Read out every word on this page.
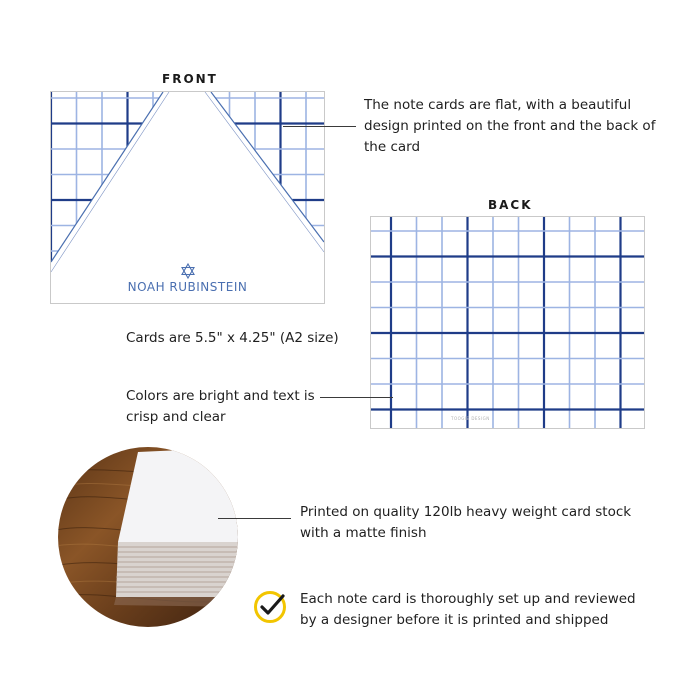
FRONT
NOAH RUBINSTEIN
The note cards are flat, with a beautiful design printed on the front and the back of the card
BACK
TOOGIE DESIGN
Cards are 5.5" x 4.25" (A2 size)
Colors are bright and text is crisp and clear
Printed on quality 120lb heavy weight card stock with a matte finish
Each note card is thoroughly set up and reviewed by a designer before it is printed and shipped
